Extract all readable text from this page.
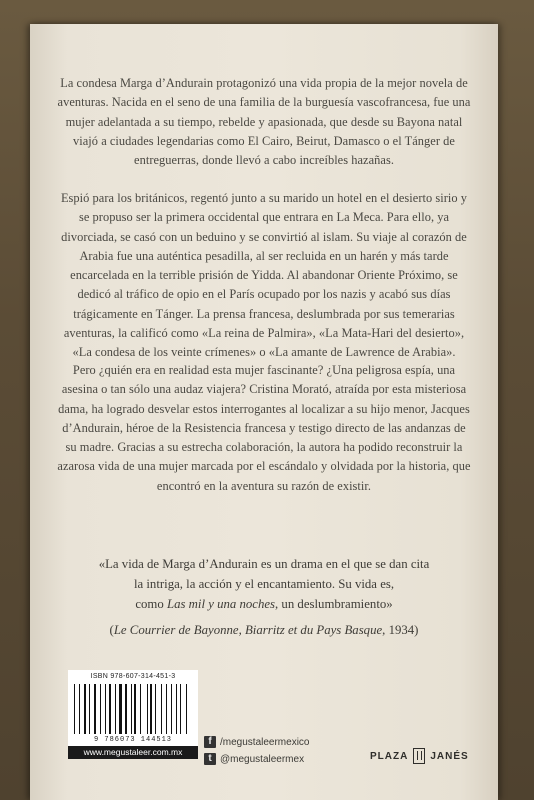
La condesa Marga d’Andurain protagonizó una vida propia de la mejor novela de aventuras. Nacida en el seno de una familia de la burguesía vascofrancesa, fue una mujer adelantada a su tiempo, rebelde y apasionada, que desde su Bayona natal viajó a ciudades legendarias como El Cairo, Beirut, Damasco o el Tánger de entreguerras, donde llevó a cabo increíbles hazañas.

Espió para los británicos, regentó junto a su marido un hotel en el desierto sirio y se propuso ser la primera occidental que entrara en La Meca. Para ello, ya divorciada, se casó con un beduino y se convirtió al islam. Su viaje al corazón de Arabia fue una auténtica pesadilla, al ser recluida en un harén y más tarde encarcelada en la terrible prisión de Yidda. Al abandonar Oriente Próximo, se dedicó al tráfico de opio en el París ocupado por los nazis y acabó sus días trágicamente en Tánger. La prensa francesa, deslumbrada por sus temerarias aventuras, la calificó como «La reina de Palmira», «La Mata-Hari del desierto», «La condesa de los veinte crímenes» o «La amante de Lawrence de Arabia».

Pero ¿quién era en realidad esta mujer fascinante? ¿Una peligrosa espía, una asesina o tan sólo una audaz viajera? Cristina Morató, atraída por esta misteriosa dama, ha logrado desvelar estos interrogantes al localizar a su hijo menor, Jacques d’Andurain, héroe de la Resistencia francesa y testigo directo de las andanzas de su madre. Gracias a su estrecha colaboración, la autora ha podido reconstruir la azarosa vida de una mujer marcada por el escándalo y olvidada por la historia, que encontró en la aventura su razón de existir.

«La vida de Marga d’Andurain es un drama en el que se dan cita
la intriga, la acción y el encantamiento. Su vida es,
como Las mil y una noches, un deslumbramiento»

(Le Courrier de Bayonne, Biarritz et du Pays Basque, 1934)

ISBN 978-607-314-451-3
9 786073 144513
www.megustaleer.com.mx
f /megustaleermexico
t @megustaleermex	PLAZA JANÉS
